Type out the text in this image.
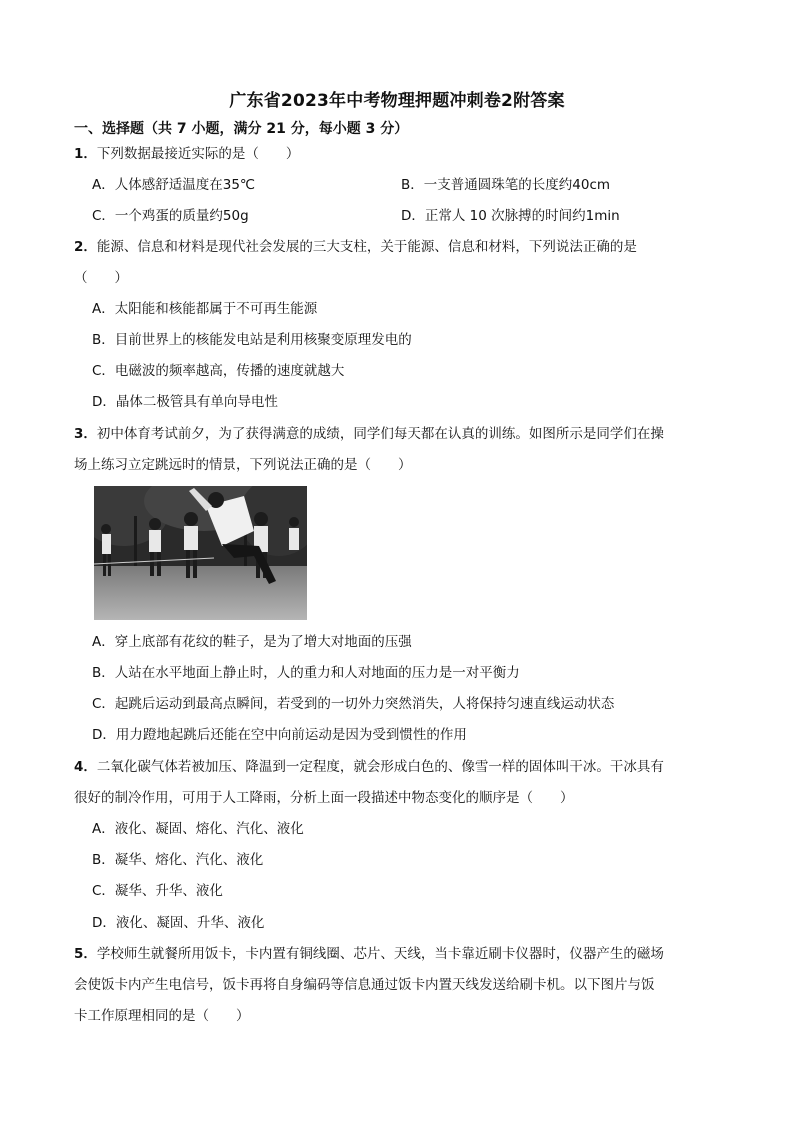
广东省2023年中考物理押题冲刺卷2附答案
一、选择题（共 7 小题，满分 21 分，每小题 3 分）
1．下列数据最接近实际的是（　　）
A．人体感舒适温度在35℃	B．一支普通圆珠笔的长度约40cm
C．一个鸡蛋的质量约50g	D．正常人 10 次脉搏的时间约1min
2．能源、信息和材料是现代社会发展的三大支柱，关于能源、信息和材料，下列说法正确的是
（　　）
A．太阳能和核能都属于不可再生能源
B．目前世界上的核能发电站是利用核聚变原理发电的
C．电磁波的频率越高，传播的速度就越大
D．晶体二极管具有单向导电性
3．初中体育考试前夕，为了获得满意的成绩，同学们每天都在认真的训练。如图所示是同学们在操
场上练习立定跳远时的情景，下列说法正确的是（　　）
A．穿上底部有花纹的鞋子，是为了增大对地面的压强
B．人站在水平地面上静止时，人的重力和人对地面的压力是一对平衡力
C．起跳后运动到最高点瞬间，若受到的一切外力突然消失，人将保持匀速直线运动状态
D．用力蹬地起跳后还能在空中向前运动是因为受到惯性的作用
4．二氧化碳气体若被加压、降温到一定程度，就会形成白色的、像雪一样的固体叫干冰。干冰具有
很好的制冷作用，可用于人工降雨，分析上面一段描述中物态变化的顺序是（　　）
A．液化、凝固、熔化、汽化、液化
B．凝华、熔化、汽化、液化
C．凝华、升华、液化
D．液化、凝固、升华、液化
5．学校师生就餐所用饭卡，卡内置有铜线圈、芯片、天线，当卡靠近刷卡仪器时，仪器产生的磁场
会使饭卡内产生电信号，饭卡再将自身编码等信息通过饭卡内置天线发送给刷卡机。以下图片与饭
卡工作原理相同的是（　　）
